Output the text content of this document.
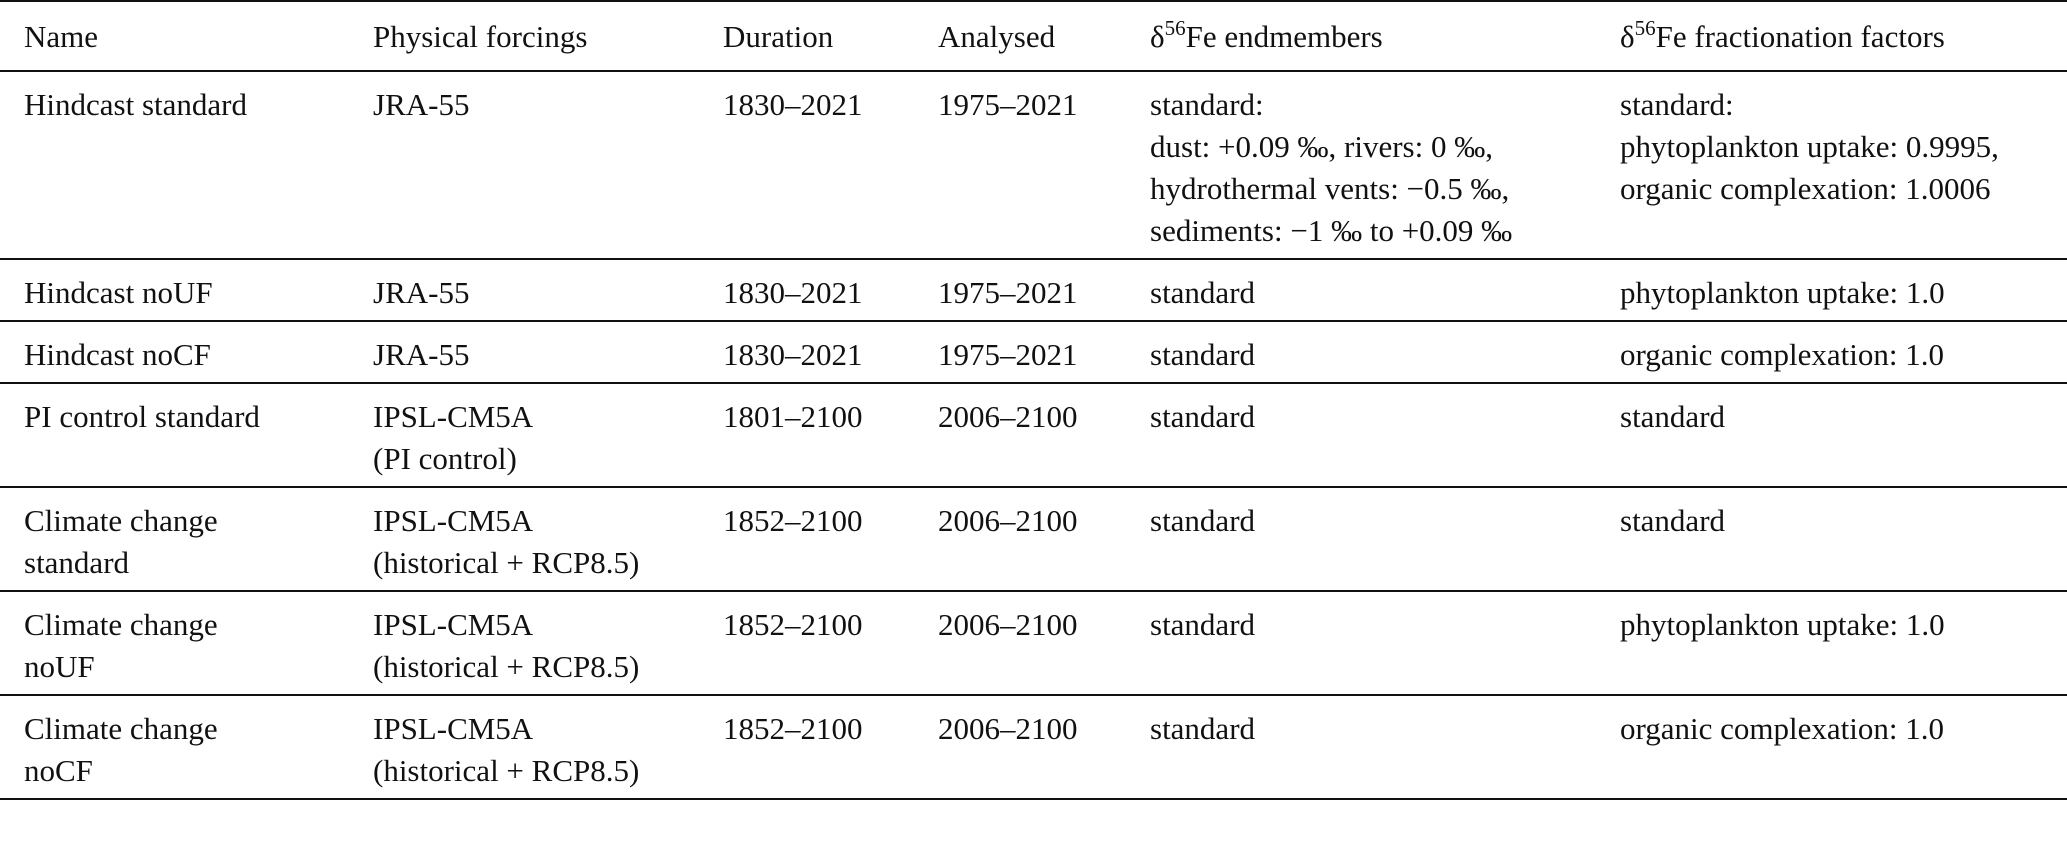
Name	Physical forcings	Duration	Analysed	$\delta^{56}Fe$ endmembers	$\delta^{56}Fe$ fractionation factors

Hindcast standard	JRA-55	1830–2021	1975–2021	standard:
dust: +0.09 ‰, rivers: 0 ‰,
hydrothermal vents: −0.5 ‰,
sediments: −1 ‰ to +0.09 ‰	standard:
phytoplankton uptake: 0.9995,
organic complexation: 1.0006

Hindcast noUF	JRA-55	1830–2021	1975–2021	standard	phytoplankton uptake: 1.0

Hindcast noCF	JRA-55	1830–2021	1975–2021	standard	organic complexation: 1.0

PI control standard	IPSL-CM5A
(PI control)	1801–2100	2006–2100	standard	standard

Climate change
standard	IPSL-CM5A
(historical + RCP8.5)	1852–2100	2006–2100	standard	standard

Climate change
noUF	IPSL-CM5A
(historical + RCP8.5)	1852–2100	2006–2100	standard	phytoplankton uptake: 1.0

Climate change
noCF	IPSL-CM5A
(historical + RCP8.5)	1852–2100	2006–2100	standard	organic complexation: 1.0
